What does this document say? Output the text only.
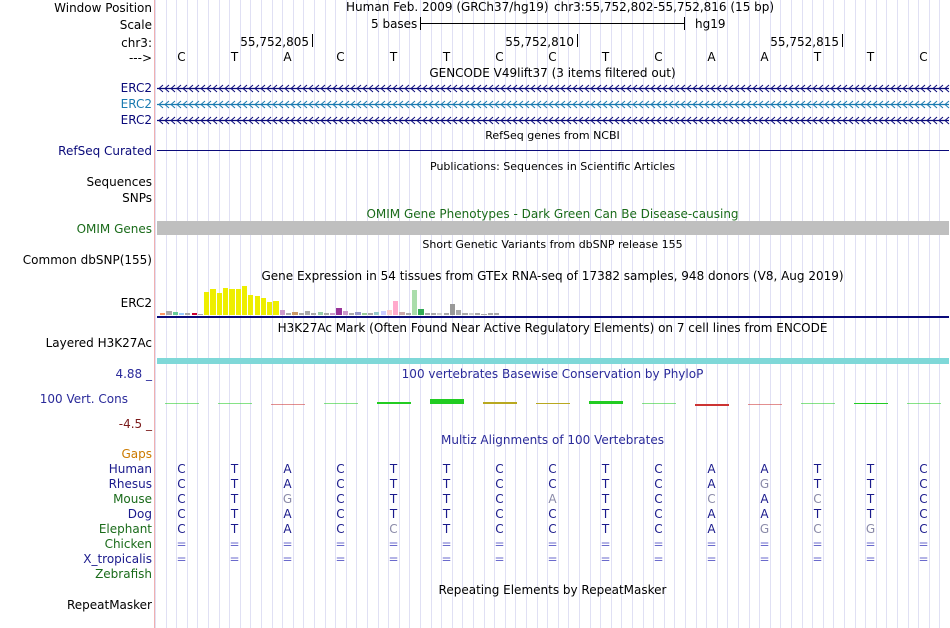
Window Position	Human Feb. 2009 (GRCh37/hg19) chr3:55,752,802-55,752,816 (15 bp)
Scale	5 bases	hg19
chr3:	55,752,805	55,752,810	55,752,815
---> C	T	A	C	T	T	C	C	T	C	A	A	T	T	C
GENCODE V49lift37 (3 items filtered out)
ERC2
ERC2
ERC2
RefSeq genes from NCBI
RefSeq Curated
Publications: Sequences in Scientific Articles
Sequences
SNPs
OMIM Gene Phenotypes - Dark Green Can Be Disease-causing
OMIM Genes
Short Genetic Variants from dbSNP release 155
Common dbSNP(155)
Gene Expression in 54 tissues from GTEx RNA-seq of 17382 samples, 948 donors (V8, Aug 2019)
ERC2
H3K27Ac Mark (Often Found Near Active Regulatory Elements) on 7 cell lines from ENCODE
Layered H3K27Ac
100 vertebrates Basewise Conservation by PhyloP
4.88 _
100 Vert. Cons
-4.5 _
Multiz Alignments of 100 Vertebrates
Gaps
Human C	T	A	C	T	T	C	C	T	C	A	A	T	T	C
Rhesus C	T	A	C	T	T	C	C	T	C	A	G	T	T	C
Mouse C	T	G	C	T	T	C	A	T	C	C	A	C	T	C
Dog C	T	A	C	T	T	C	C	T	C	A	A	T	T	C
Elephant C	T	A	C	C	T	C	C	T	C	A	G	C	G	C
Chicken =	=	=	=	=	=	=	=	=	=	=	=	=	=	=
X_tropicalis =	=	=	=	=	=	=	=	=	=	=	=	=	=	=
Zebrafish
Repeating Elements by RepeatMasker
RepeatMasker
